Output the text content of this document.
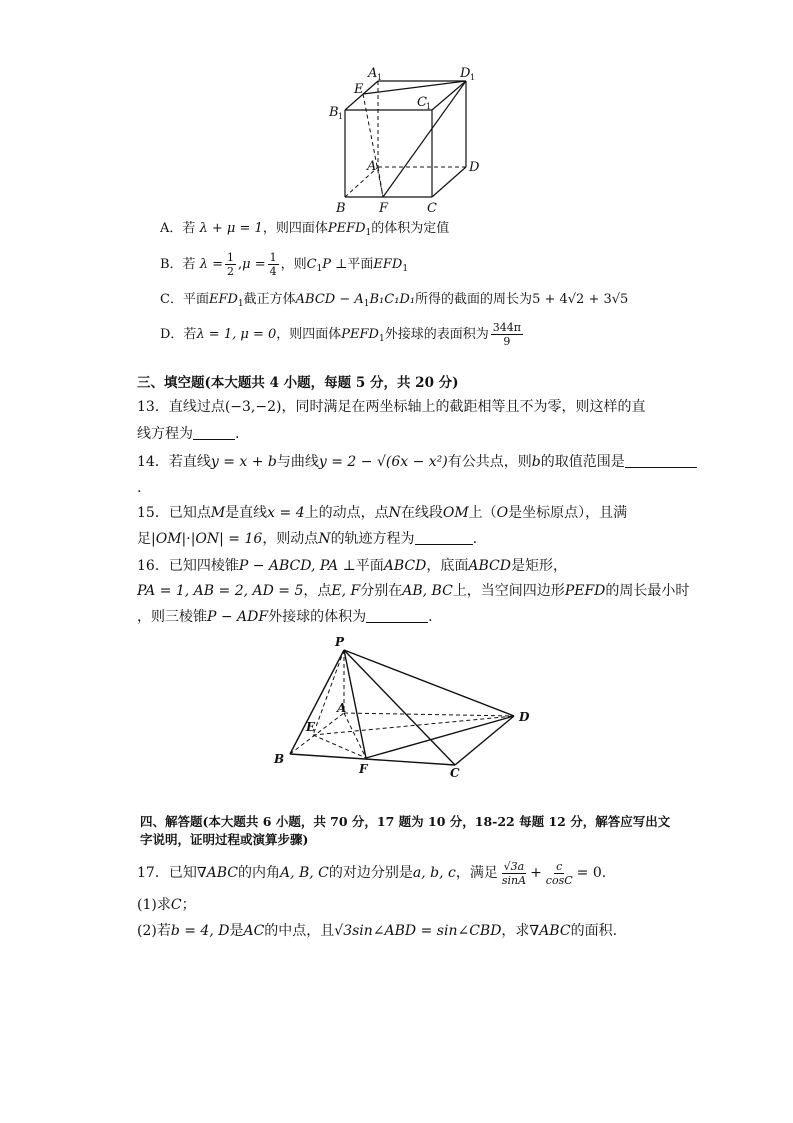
A 1	D 1
E
C 1
B 1
A	D
B	F	C
A．若 λ + μ = 1，则四面体$PEFD_1$的体积为定值
B．若 $\lambda = \frac{1}{2} ,\mu = \frac{1}{4}$ ，则$C_1P$ ⊥平面$EFD_1$
C．平面$EFD_1$截正方体ABCD − $A_1B_1C_1D_1$所得的截面的周长为5 + 4√2 + 3√5
D．若λ = 1, μ = 0，则四面体$PEFD_1$外接球的表面积为 $\frac{344\pi}{9}$
三、填空题(本大题共 4 小题，每题 5 分，共 20 分)
13．直线过点(−3,−2)，同时满足在两坐标轴上的截距相等且不为零，则这样的直
线方程为	.
14．若直线y = x + b与曲线y = 2 − √(6x − x²)有公共点，则b的取值范围是
.
15．已知点M是直线x = 4上的动点，点N在线段OM上（O是坐标原点），且满
足|OM|·|ON| = 16，则动点N的轨迹方程为	.
16．已知四棱锥P − ABCD, PA ⊥平面ABCD，底面ABCD是矩形，
PA = 1, AB = 2, AD = 5，点E, F分别在AB, BC上，当空间四边形PEFD的周长最小时
，则三棱锥P − ADF外接球的体积为	.
P
A
E
B
F	C
D
四、解答题(本大题共 6 小题，共 70 分，17 题为 10 分，18-22 每题 12 分，解答应写出文
字说明，证明过程或演算步骤)
17．已知∇ABC的内角A, B, C的对边分别是a, b, c，满足 $\frac{√3a}{\sin A} + \frac{c}{\cos C} = 0$.
(1)求C；
(2)若b = 4, D是AC的中点，且√3sin∠ABD = sin∠CBD，求∇ABC的面积.
